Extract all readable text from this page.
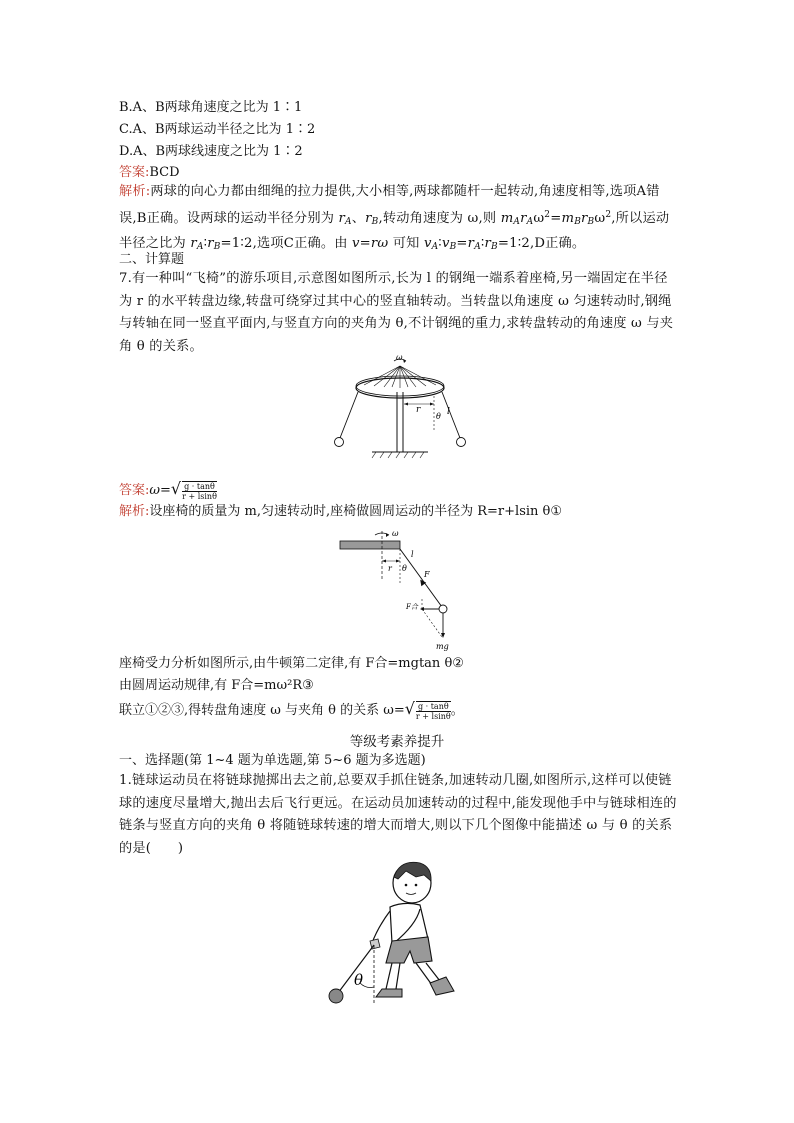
B.A、B两球角速度之比为 1∶1
C.A、B两球运动半径之比为 1∶2
D.A、B两球线速度之比为 1∶2
答案:BCD
解析:两球的向心力都由细绳的拉力提供,大小相等,两球都随杆一起转动,角速度相等,选项A错误,B正确。设两球的运动半径分别为 $r_A$、$r_B$,转动角速度为 ω,则 $m_Ar_A\omega^2=m_Br_B\omega^2$,所以运动半径之比为 $r_A∶r_B=1∶2$,选项C正确。由 v=rω 可知 $v_A∶v_B=r_A∶r_B=1∶2,D$正确。
二、计算题
7.有一种叫“飞椅”的游乐项目,示意图如图所示,长为 l 的钢绳一端系着座椅,另一端固定在半径为 r 的水平转盘边缘,转盘可绕穿过其中心的竖直轴转动。当转盘以角速度 ω 匀速转动时,钢绳与转轴在同一竖直平面内,与竖直方向的夹角为 θ,不计钢绳的重力,求转盘转动的角速度 ω 与夹角 θ 的关系。
ω
r
θ l
答案:ω=√ $\frac{g \cdot \tan\theta}{r + lsin\theta}$
解析:设座椅的质量为 m,匀速转动时,座椅做圆周运动的半径为 R=r+lsin θ①
ω
r
l
θ
F
F合
mg
座椅受力分析如图所示,由牛顿第二定律,有 F合=mgtan θ②
由圆周运动规律,有 F合=mω²R③
联立①②③,得转盘角速度 ω 与夹角 θ 的关系 $\omega=√ \frac{g \cdot \tan\theta}{r + lsin\theta}$ 。
等级考素养提升
一、选择题(第 1~4 题为单选题,第 5~6 题为多选题)
1.链球运动员在将链球抛掷出去之前,总要双手抓住链条,加速转动几圈,如图所示,这样可以使链球的速度尽量增大,抛出去后飞行更远。在运动员加速转动的过程中,能发现他手中与链球相连的链条与竖直方向的夹角 θ 将随链球转速的增大而增大,则以下几个图像中能描述 ω 与 θ 的关系的是(　　)
θ
